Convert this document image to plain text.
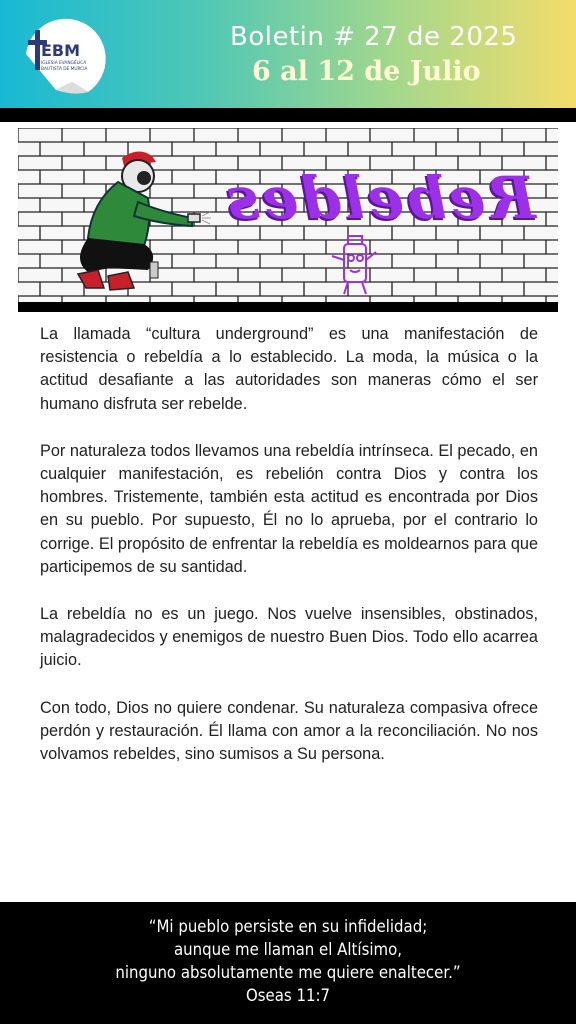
EBM
IGLESIA EVANGÉLICA
BAUTISTA DE MURCIA
Boletin # 27 de 2025
6 al 12 de Julio
Rebeldes

La llamada “cultura underground” es una manifestación de resistencia o rebeldía a lo establecido. La moda, la música o la actitud desafiante a las autoridades son maneras cómo el ser humano disfruta ser rebelde.

Por naturaleza todos llevamos una rebeldía intrínseca. El pecado, en cualquier manifestación, es rebelión contra Dios y contra los hombres. Tristemente, también esta actitud es encontrada por Dios en su pueblo. Por supuesto, Él no lo aprueba, por el contrario lo corrige. El propósito de enfrentar la rebeldía es moldearnos para que participemos de su santidad.

La rebeldía no es un juego. Nos vuelve insensibles, obstinados, malagradecidos y enemigos de nuestro Buen Dios. Todo ello acarrea juicio.

Con todo, Dios no quiere condenar. Su naturaleza compasiva ofrece perdón y restauración. Él llama con amor a la reconciliación. No nos volvamos rebeldes, sino sumisos a Su persona.

“Mi pueblo persiste en su infidelidad;
aunque me llaman el Altísimo,
ninguno absolutamente me quiere enaltecer.”
Oseas 11:7
